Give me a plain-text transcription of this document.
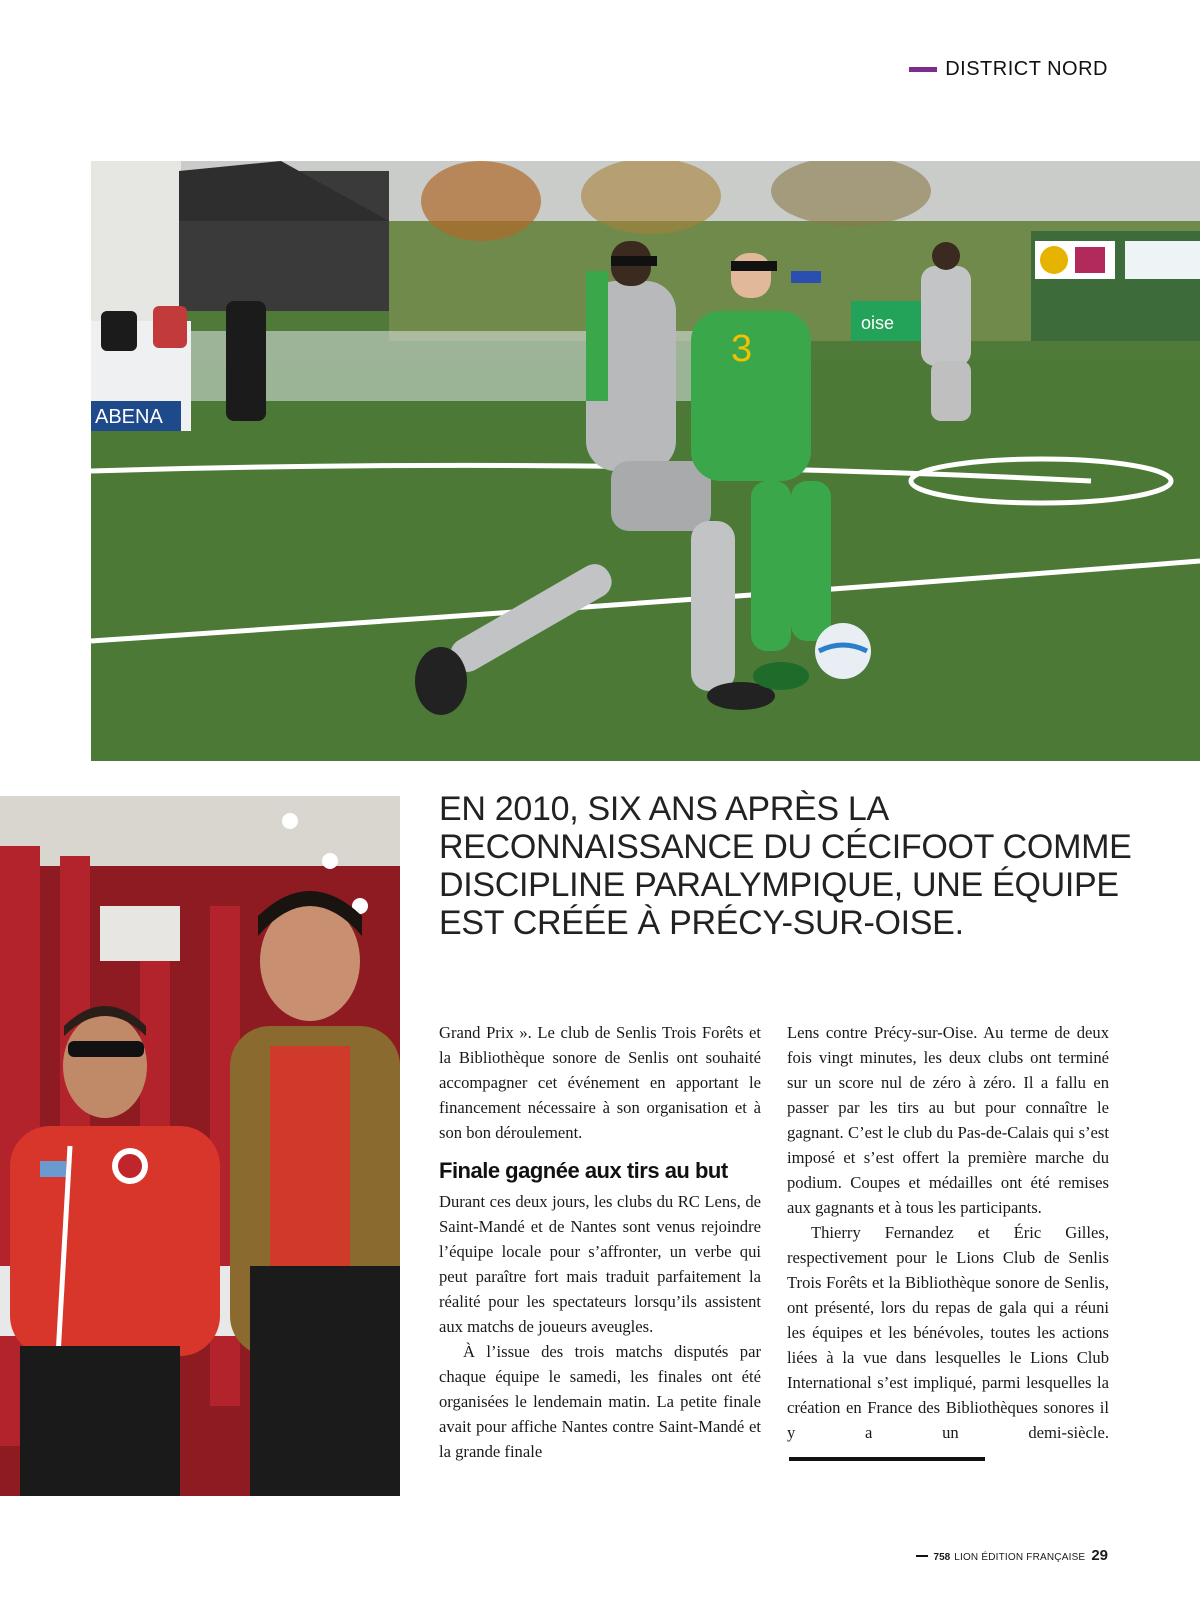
DISTRICT NORD
ABENA
oise
3
EN 2010, SIX ANS APRÈS LA RECONNAISSANCE DU CÉCIFOOT COMME DISCIPLINE PARALYMPIQUE, UNE ÉQUIPE EST CRÉÉE À PRÉCY-SUR-OISE.

Grand Prix ». Le club de Senlis Trois Forêts et la Bibliothèque sonore de Senlis ont souhaité accompagner cet événement en apportant le financement nécessaire à son organisation et à son bon déroulement.

Finale gagnée aux tirs au but

Durant ces deux jours, les clubs du RC Lens, de Saint-Mandé et de Nantes sont venus rejoindre l’équipe locale pour s’affronter, un verbe qui peut paraître fort mais traduit parfaitement la réalité pour les spectateurs lorsqu’ils assistent aux matchs de joueurs aveugles.

À l’issue des trois matchs disputés par chaque équipe le samedi, les finales ont été organisées le lendemain matin. La petite finale avait pour affiche Nantes contre Saint-Mandé et la grande finale

Lens contre Précy-sur-Oise. Au terme de deux fois vingt minutes, les deux clubs ont terminé sur un score nul de zéro à zéro. Il a fallu en passer par les tirs au but pour connaître le gagnant. C’est le club du Pas-de-Calais qui s’est imposé et s’est offert la première marche du podium. Coupes et médailles ont été remises aux gagnants et à tous les participants.

Thierry Fernandez et Éric Gilles, respectivement pour le Lions Club de Senlis Trois Forêts et la Bibliothèque sonore de Senlis, ont présenté, lors du repas de gala qui a réuni les équipes et les bénévoles, toutes les actions liées à la vue dans lesquelles le Lions Club International s’est impliqué, parmi lesquelles la création en France des Bibliothèques sonores il y a un demi-siècle.

758 LION ÉDITION FRANÇAISE 29
